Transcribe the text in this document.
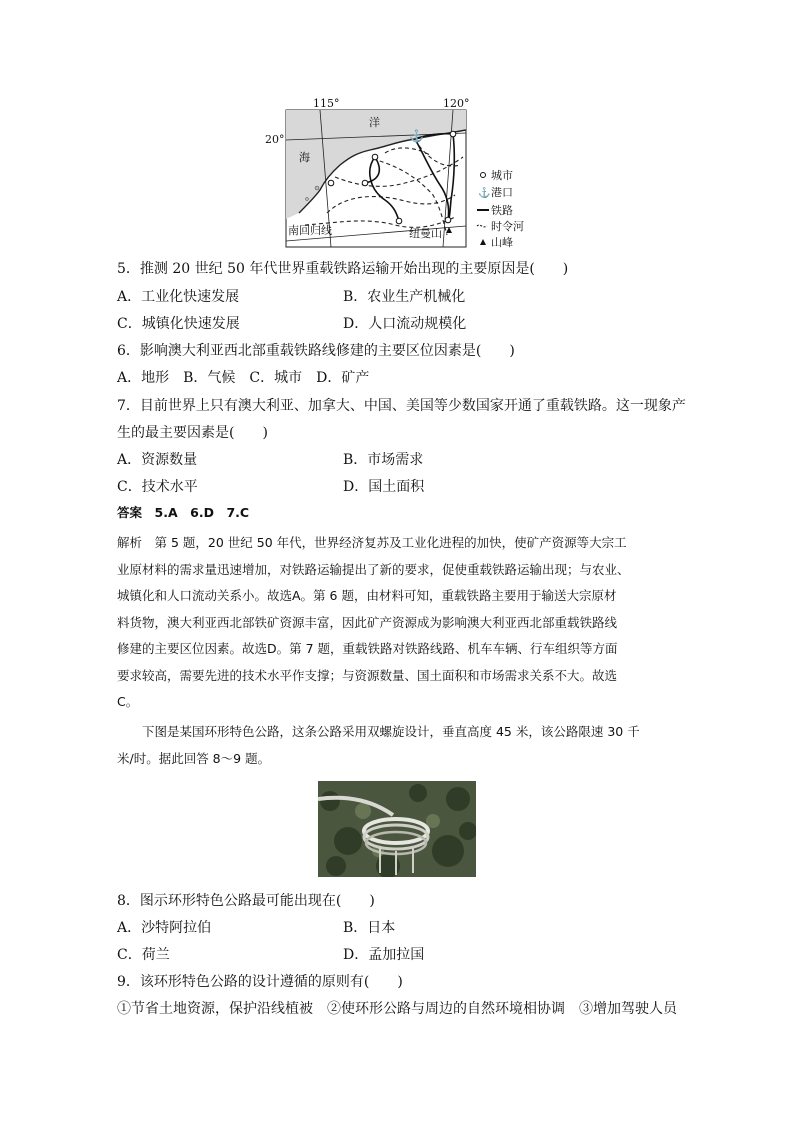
115°	120°
20°	⚓
洋
海
南回归线	纽曼山
城市
⚓ 港口
铁路
时令河
山峰
5．推测 20 世纪 50 年代世界重载铁路运输开始出现的主要原因是(　　)
A．工业化快速发展	B．农业生产机械化
C．城镇化快速发展	D．人口流动规模化
6．影响澳大利亚西北部重载铁路线修建的主要区位因素是(　　)
A．地形　B．气候　C．城市　D．矿产
7．目前世界上只有澳大利亚、加拿大、中国、美国等少数国家开通了重载铁路。这一现象产
生的最主要因素是(　　)
A．资源数量	B．市场需求
C．技术水平	D．国土面积
答案　5.A　6.D　7.C
解析　第 5 题，20 世纪 50 年代，世界经济复苏及工业化进程的加快，使矿产资源等大宗工
业原材料的需求量迅速增加，对铁路运输提出了新的要求，促使重载铁路运输出现；与农业、
城镇化和人口流动关系小。故选A。第 6 题，由材料可知，重载铁路主要用于输送大宗原材
料货物，澳大利亚西北部铁矿资源丰富，因此矿产资源成为影响澳大利亚西北部重载铁路线
修建的主要区位因素。故选D。第 7 题，重载铁路对铁路线路、机车车辆、行车组织等方面
要求较高，需要先进的技术水平作支撑；与资源数量、国土面积和市场需求关系不大。故选
C。
　　下图是某国环形特色公路，这条公路采用双螺旋设计，垂直高度 45 米，该公路限速 30 千
米/时。据此回答 8～9 题。
8．图示环形特色公路最可能出现在(　　)
A．沙特阿拉伯	B．日本
C．荷兰	D．孟加拉国
9．该环形特色公路的设计遵循的原则有(　　)
①节省土地资源，保护沿线植被　②使环形公路与周边的自然环境相协调　③增加驾驶人员
